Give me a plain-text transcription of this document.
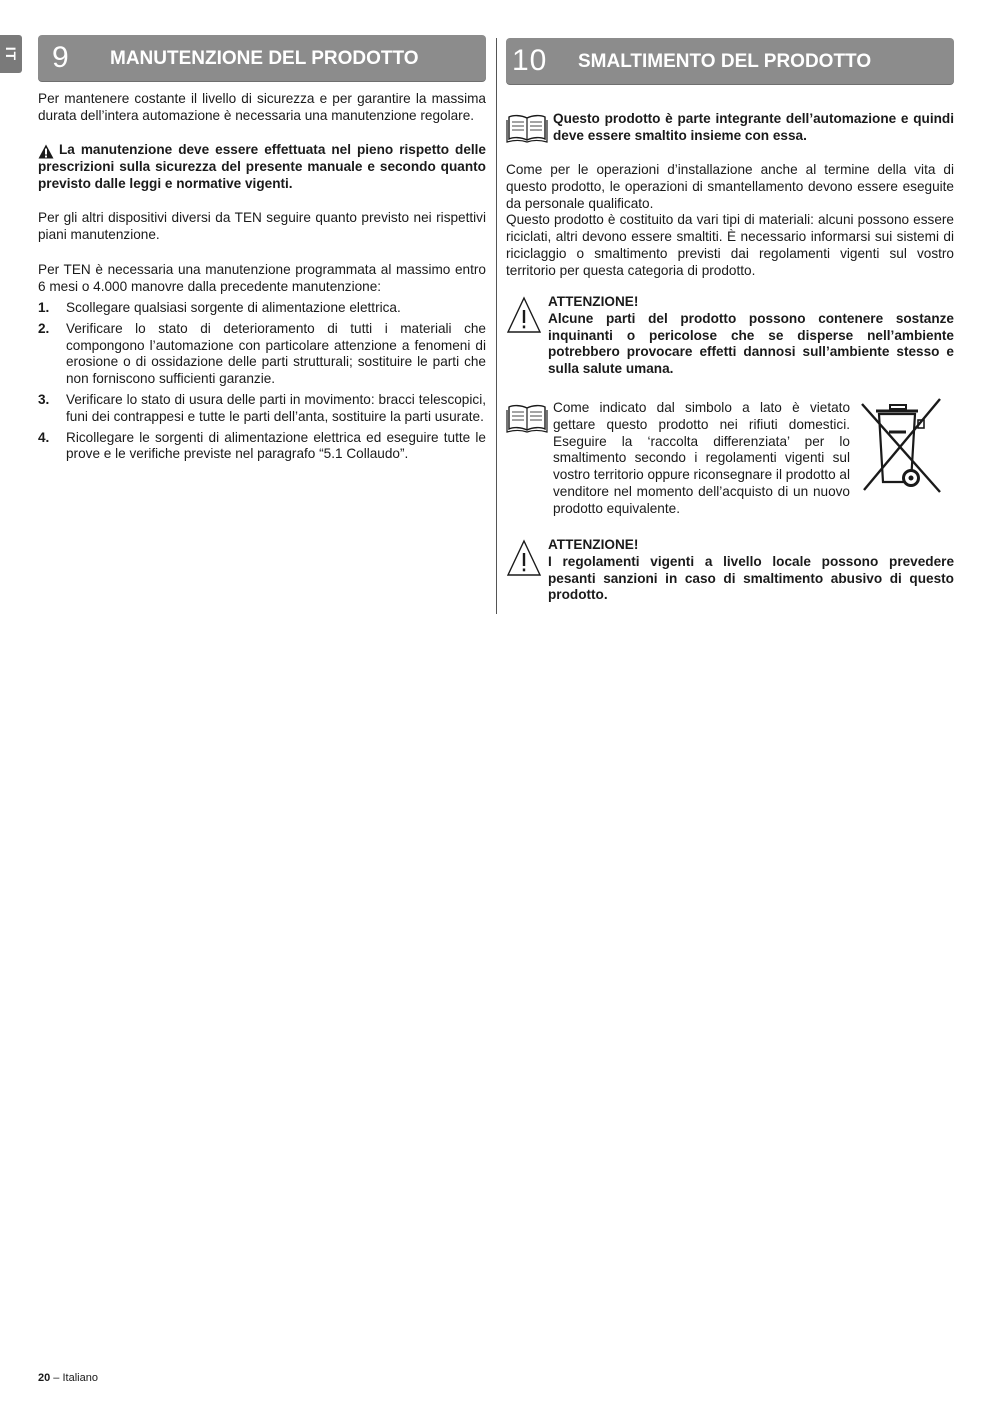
IT 9 MANUTENZIONE DEL PRODOTTO

Per mantenere costante il livello di sicurezza e per garantire la massima durata dell’intera automazione è necessaria una manutenzione regolare.

La manutenzione deve essere effettuata nel pieno rispetto delle prescrizioni sulla sicurezza del presente manuale e secondo quanto previsto dalle leggi e normative vigenti.

Per gli altri dispositivi diversi da TEN seguire quanto previsto nei rispettivi piani manutenzione.

Per TEN è necessaria una manutenzione programmata al massimo entro 6 mesi o 4.000 manovre dalla precedente manutenzione:

1. Scollegare qualsiasi sorgente di alimentazione elettrica.
2. Verificare lo stato di deterioramento di tutti i materiali che compongono l’automazione con particolare attenzione a fenomeni di erosione o di ossidazione delle parti strutturali; sostituire le parti che non forniscono sufficienti garanzie.
3. Verificare lo stato di usura delle parti in movimento: bracci telescopici, funi dei contrappesi e tutte le parti dell’anta, sostituire la parti usurate.
4. Ricollegare le sorgenti di alimentazione elettrica ed eseguire tutte le prove e le verifiche previste nel paragrafo “5.1 Collaudo”.
10 SMALTIMENTO DEL PRODOTTO

Questo prodotto è parte integrante dell’automazione e quindi deve essere smaltito insieme con essa.

Come per le operazioni d’installazione anche al termine della vita di questo prodotto, le operazioni di smantellamento devono essere eseguite da personale qualificato.

Questo prodotto è costituito da vari tipi di materiali: alcuni possono essere riciclati, altri devono essere smaltiti. È necessario informarsi sui sistemi di riciclaggio o smaltimento previsti dai regolamenti vigenti sul vostro territorio per questa categoria di prodotto.

ATTENZIONE!

Alcune parti del prodotto possono contenere sostanze inquinanti o pericolose che se disperse nell’ambiente potrebbero provocare effetti dannosi sull’ambiente stesso e sulla salute umana.

Come indicato dal simbolo a lato è vietato gettare questo prodotto nei rifiuti domestici. Eseguire la ‘raccolta differenziata’ per lo smaltimento secondo i regolamenti vigenti sul vostro territorio oppure riconsegnare il prodotto al venditore nel momento dell’acquisto di un nuovo prodotto equivalente.

ATTENZIONE!

I regolamenti vigenti a livello locale possono prevedere pesanti sanzioni in caso di smaltimento abusivo di questo prodotto.

20 – Italiano
